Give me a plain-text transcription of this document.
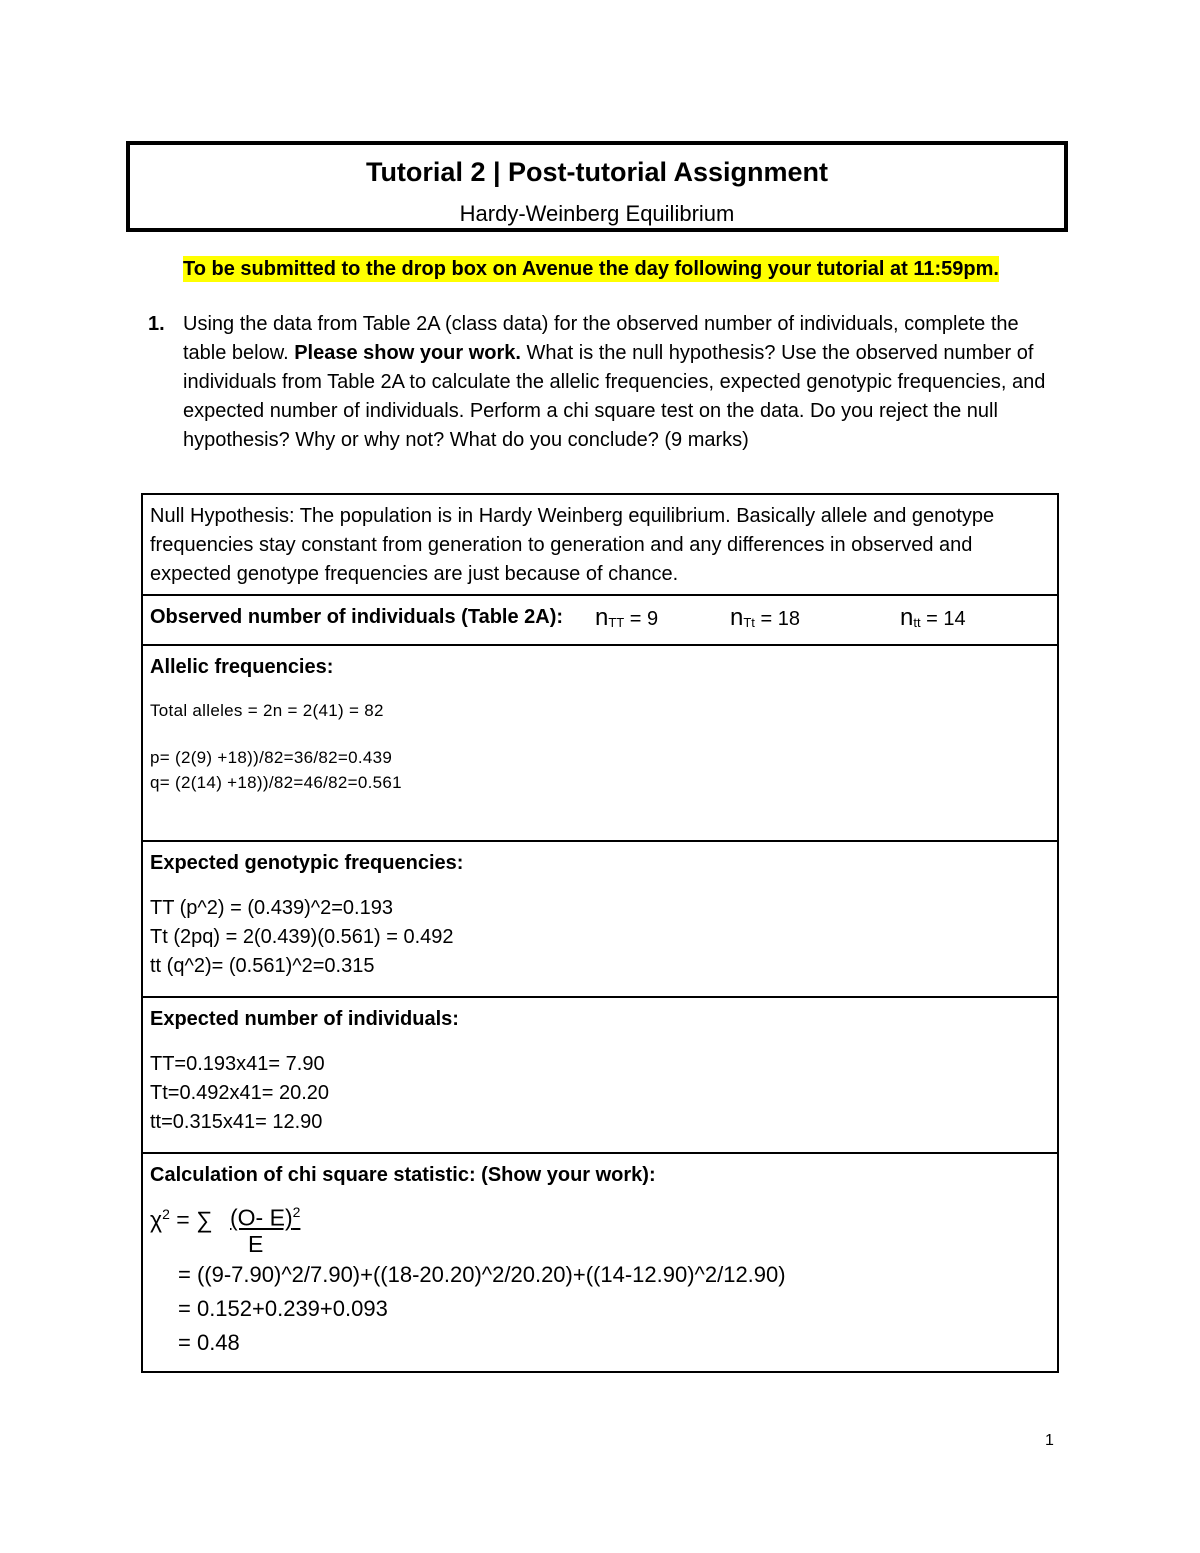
Tutorial 2 | Post-tutorial Assignment
Hardy-Weinberg Equilibrium
To be submitted to the drop box on Avenue the day following your tutorial at 11:59pm.
1. Using the data from Table 2A (class data) for the observed number of individuals, complete the table below. Please show your work. What is the null hypothesis? Use the observed number of individuals from Table 2A to calculate the allelic frequencies, expected genotypic frequencies, and expected number of individuals. Perform a chi square test on the data. Do you reject the null hypothesis? Why or why not? What do you conclude? (9 marks)
Null Hypothesis: The population is in Hardy Weinberg equilibrium. Basically allele and genotype frequencies stay constant from generation to generation and any differences in observed and expected genotype frequencies are just because of chance.

Observed number of individuals (Table 2A): $n_{TT} = 9$	$n_{Tt} = 18$	$n_{tt} = 14$

Allelic frequencies:
Total alleles = 2n = 2(41) = 82
p= (2(9) +18))/82=36/82=0.439
q= (2(14) +18))/82=46/82=0.561

Expected genotypic frequencies:
TT (p^2) = (0.439)^2=0.193
Tt (2pq) = 2(0.439)(0.561) = 0.492
tt (q^2)= (0.561)^2=0.315

Expected number of individuals:
TT=0.193x41= 7.90
Tt=0.492x41= 20.20
tt=0.315x41= 12.90

Calculation of chi square statistic: (Show your work):
$\chi^2$ = ∑ (O- E)$^2$
E
= ((9-7.90)^2/7.90)+((18-20.20)^2/20.20)+((14-12.90)^2/12.90)
= 0.152+0.239+0.093
= 0.48
1
